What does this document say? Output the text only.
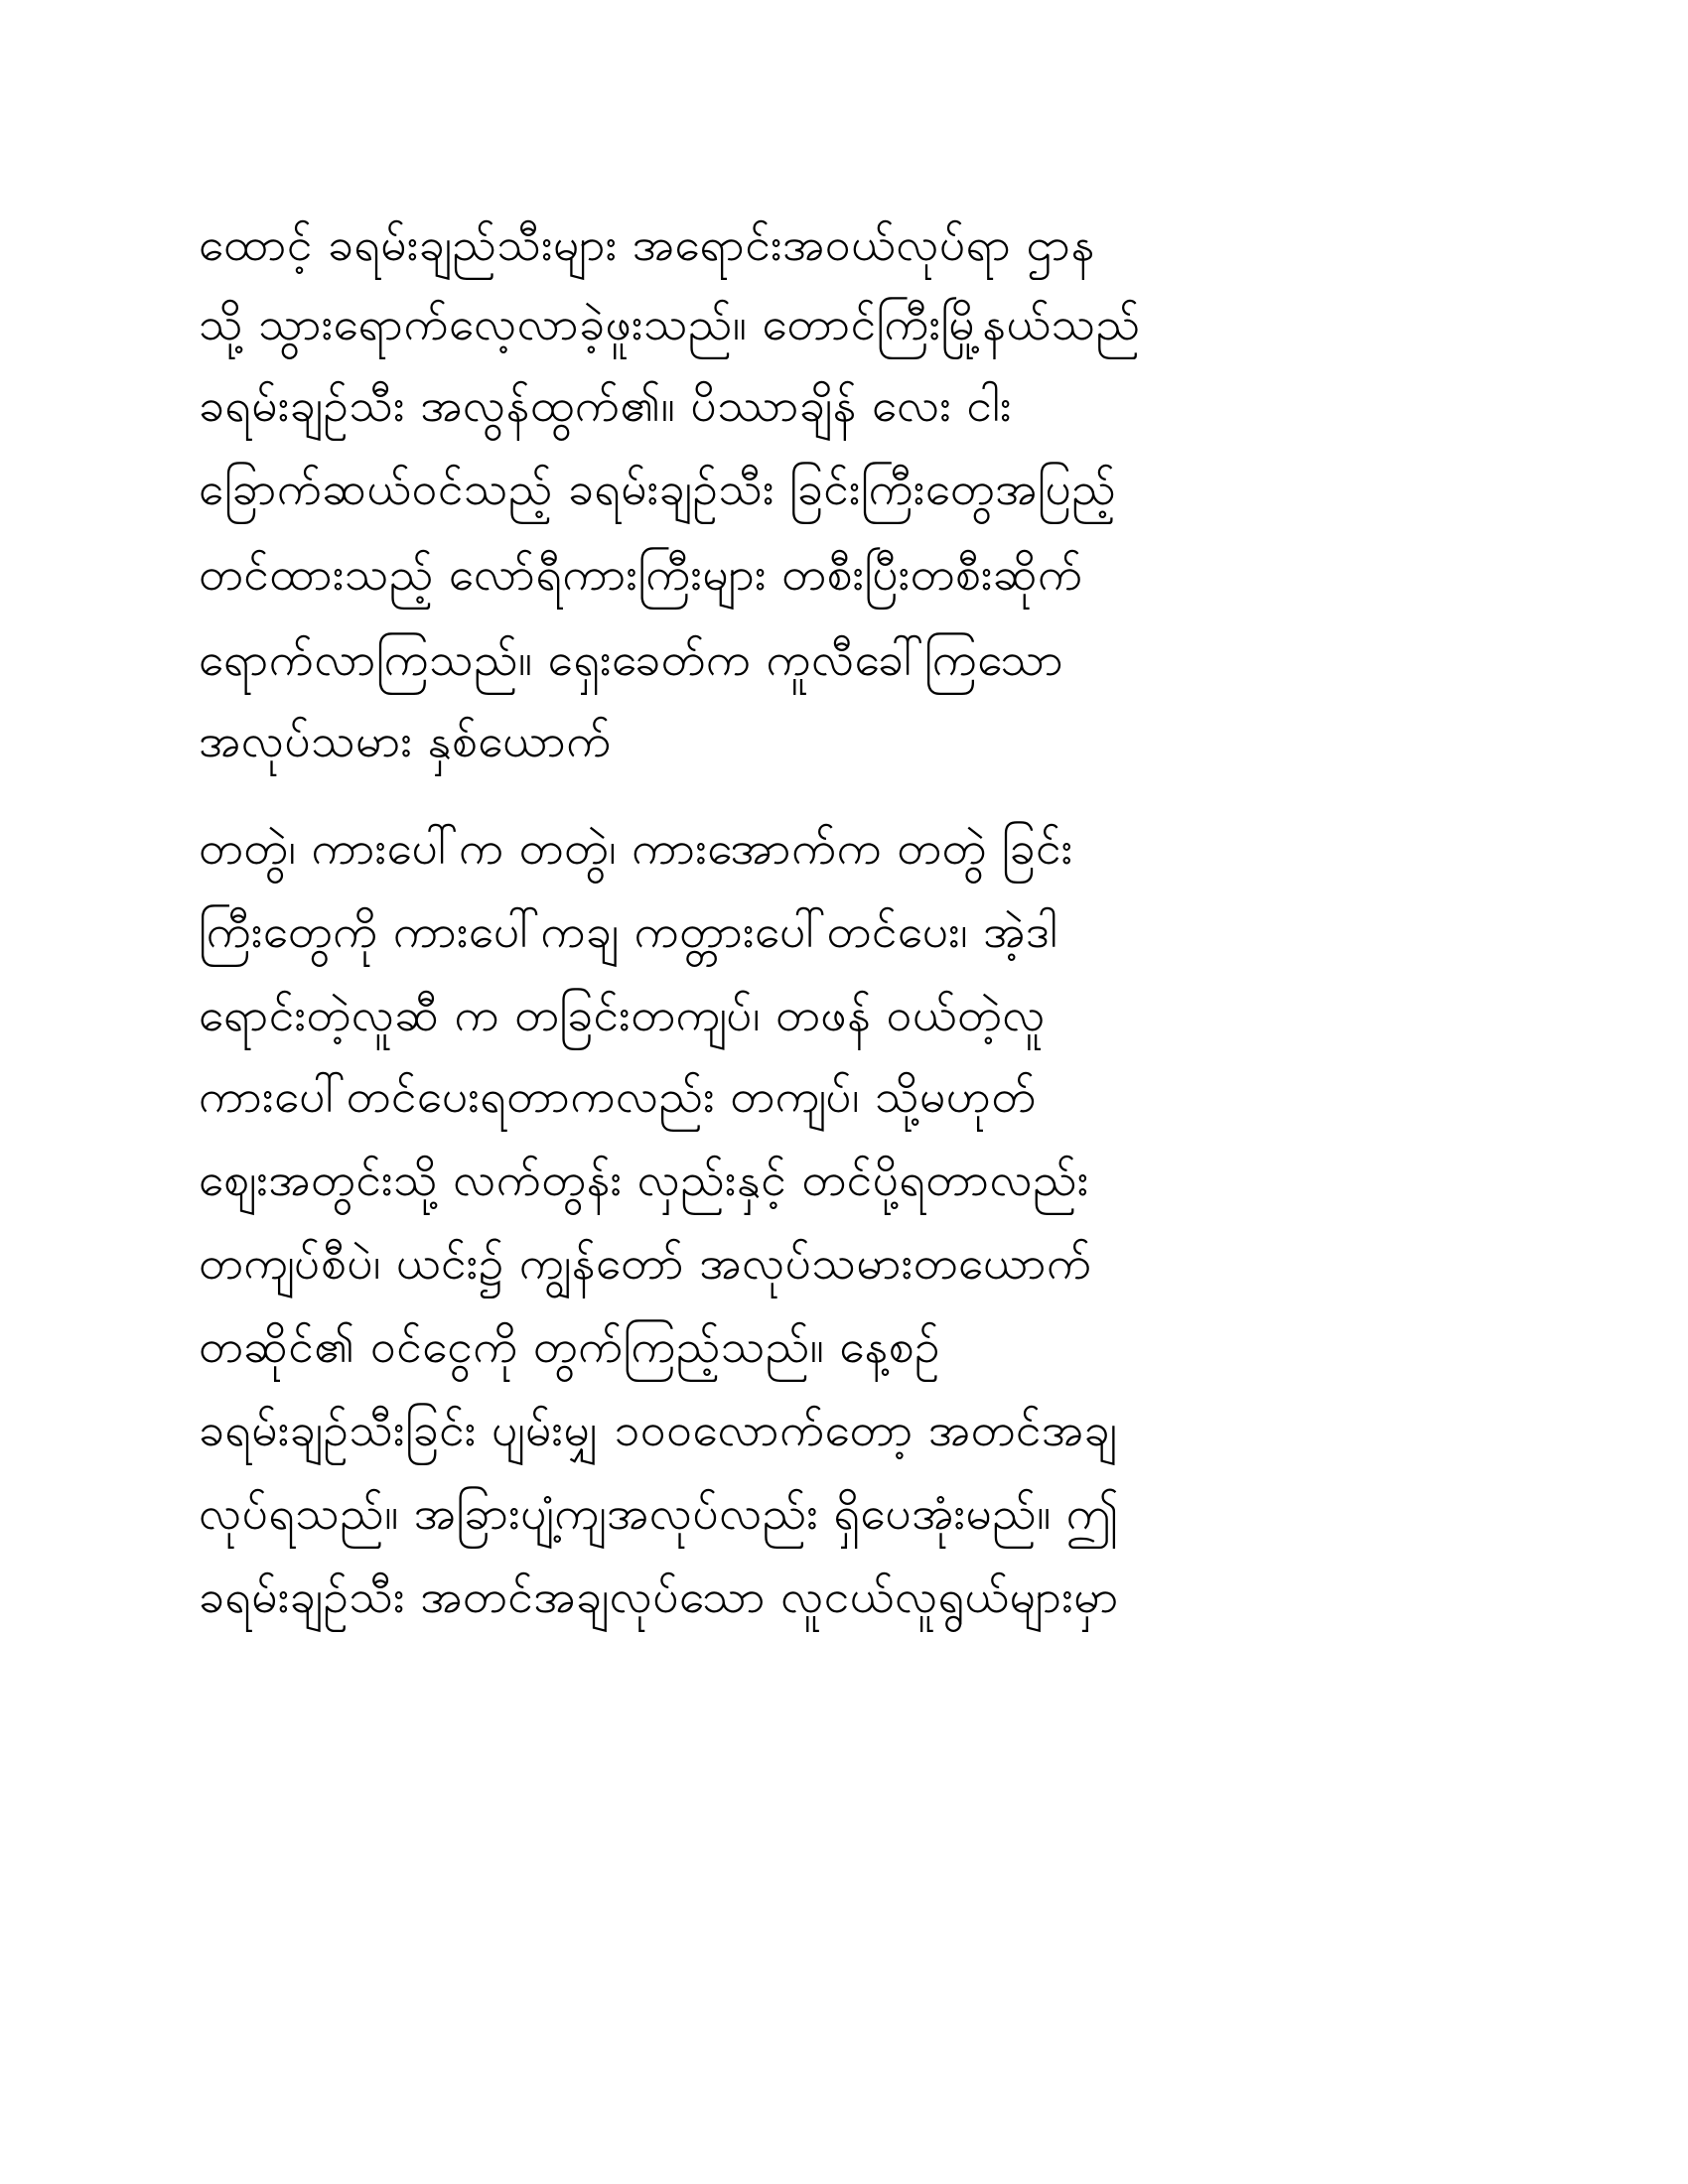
ထောင့် ခရမ်းချည်သီးများ အရောင်းအဝယ်လုပ်ရာ ဌာန
သို့ သွားရောက်လေ့လာခဲ့ဖူးသည်။ တောင်ကြီးမြို့နယ်သည်
ခရမ်းချဉ်သီး အလွန်ထွက်၏။ ပိဿာချိန် လေး ငါး
ခြောက်ဆယ်ဝင်သည့် ခရမ်းချဉ်သီး ခြင်းကြီးတွေအပြည့်
တင်ထားသည့် လော်ရီကားကြီးများ တစီးပြီးတစီးဆိုက်
ရောက်လာကြသည်။ ရှေးခေတ်က ကူလီခေါ်ကြသော
အလုပ်သမား နှစ်ယောက်
တတွဲ၊ ကားပေါ်က တတွဲ၊ ကားအောက်က တတွဲ ခြင်း
ကြီးတွေကို ကားပေါ်ကချ ကတ္တားပေါ်တင်ပေး၊ အဲ့ဒါ
ရောင်းတဲ့လူဆီ က တခြင်းတကျပ်၊ တဖန် ဝယ်တဲ့လူ
ကားပေါ်တင်ပေးရတာကလည်း တကျပ်၊ သို့မဟုတ်
စျေးအတွင်းသို့ လက်တွန်း လှည်းနှင့် တင်ပို့ရတာလည်း
တကျပ်စီပဲ၊ ယင်း၌ ကျွန်တော် အလုပ်သမားတယောက်
တဆိုင်၏ ဝင်ငွေကို တွက်ကြည့်သည်။ နေ့စဉ်
ခရမ်းချဉ်သီးခြင်း ပျမ်းမျှ ၁၀၀လောက်တော့ အတင်အချ
လုပ်ရသည်။ အခြားပျံ့ကျအလုပ်လည်း ရှိပေအုံးမည်။ ဤ
ခရမ်းချဉ်သီး အတင်အချလုပ်သော လူငယ်လူရွယ်များမှာ
